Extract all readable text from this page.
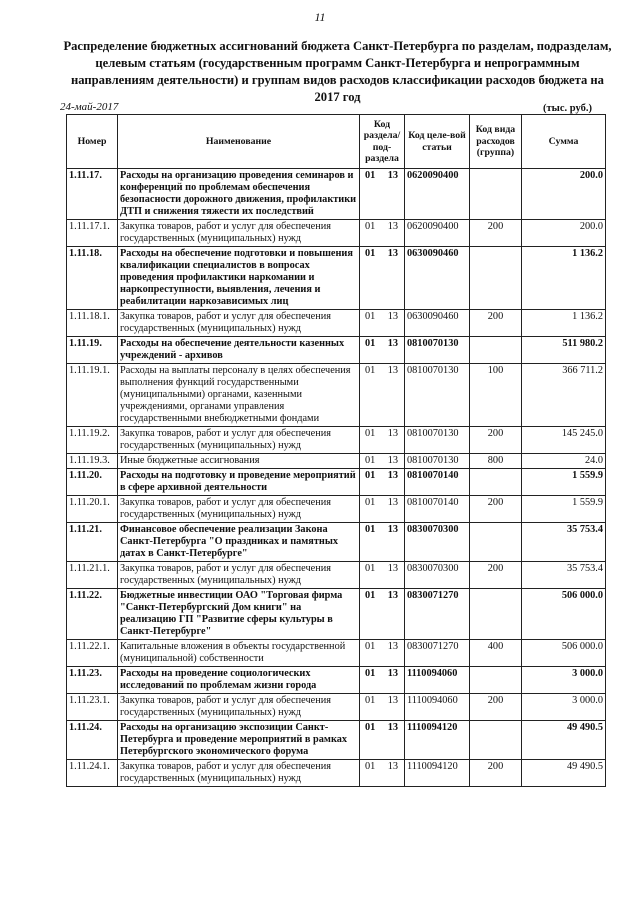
11
Распределение бюджетных ассигнований бюджета Санкт-Петербурга по разделам, подразделам, целевым статьям (государственным программ Санкт-Петербурга и непрограммным направлениям деятельности) и группам видов расходов классификации расходов бюджета на 2017 год
24-май-2017	(тыс. руб.)
Номер	Наименование	Код раздела/ под-раздела	Код целе-вой статьи	Код вида расходов (группа)	Сумма
1.11.17.	Расходы на организацию проведения семинаров и конференций по проблемам обеспечения безопасности дорожного движения, профилактики ДТП и снижения тяжести их последствий	01 13	0620090400		200.0
1.11.17.1.	Закупка товаров, работ и услуг для обеспечения государственных (муниципальных) нужд	01 13	0620090400	200	200.0
1.11.18.	Расходы на обеспечение подготовки и повышения квалификации специалистов в вопросах проведения профилактики наркомании и наркопреступности, выявления, лечения и реабилитации наркозависимых лиц	01 13	0630090460		1 136.2
1.11.18.1.	Закупка товаров, работ и услуг для обеспечения государственных (муниципальных) нужд	01 13	0630090460	200	1 136.2
1.11.19.	Расходы на обеспечение деятельности казенных учреждений - архивов	01 13	0810070130		511 980.2
1.11.19.1.	Расходы на выплаты персоналу в целях обеспечения выполнения функций государственными (муниципальными) органами, казенными учреждениями, органами управления государственными внебюджетными фондами	01 13	0810070130	100	366 711.2
1.11.19.2.	Закупка товаров, работ и услуг для обеспечения государственных (муниципальных) нужд	01 13	0810070130	200	145 245.0
1.11.19.3.	Иные бюджетные ассигнования	01 13	0810070130	800	24.0
1.11.20.	Расходы на подготовку и проведение мероприятий в сфере архивной деятельности	01 13	0810070140		1 559.9
1.11.20.1.	Закупка товаров, работ и услуг для обеспечения государственных (муниципальных) нужд	01 13	0810070140	200	1 559.9
1.11.21.	Финансовое обеспечение реализации Закона Санкт-Петербурга "О праздниках и памятных датах в Санкт-Петербурге"	01 13	0830070300		35 753.4
1.11.21.1.	Закупка товаров, работ и услуг для обеспечения государственных (муниципальных) нужд	01 13	0830070300	200	35 753.4
1.11.22.	Бюджетные инвестиции ОАО "Торговая фирма "Санкт-Петербургский Дом книги" на реализацию ГП "Развитие сферы культуры в Санкт-Петербурге"	01 13	0830071270		506 000.0
1.11.22.1.	Капитальные вложения в объекты государственной (муниципальной) собственности	01 13	0830071270	400	506 000.0
1.11.23.	Расходы на проведение социологических исследований по проблемам жизни города	01 13	1110094060		3 000.0
1.11.23.1.	Закупка товаров, работ и услуг для обеспечения государственных (муниципальных) нужд	01 13	1110094060	200	3 000.0
1.11.24.	Расходы на организацию экспозиции Санкт-Петербурга и проведение мероприятий в рамках Петербургского экономического форума	01 13	1110094120		49 490.5
1.11.24.1.	Закупка товаров, работ и услуг для обеспечения государственных (муниципальных) нужд	01 13	1110094120	200	49 490.5
